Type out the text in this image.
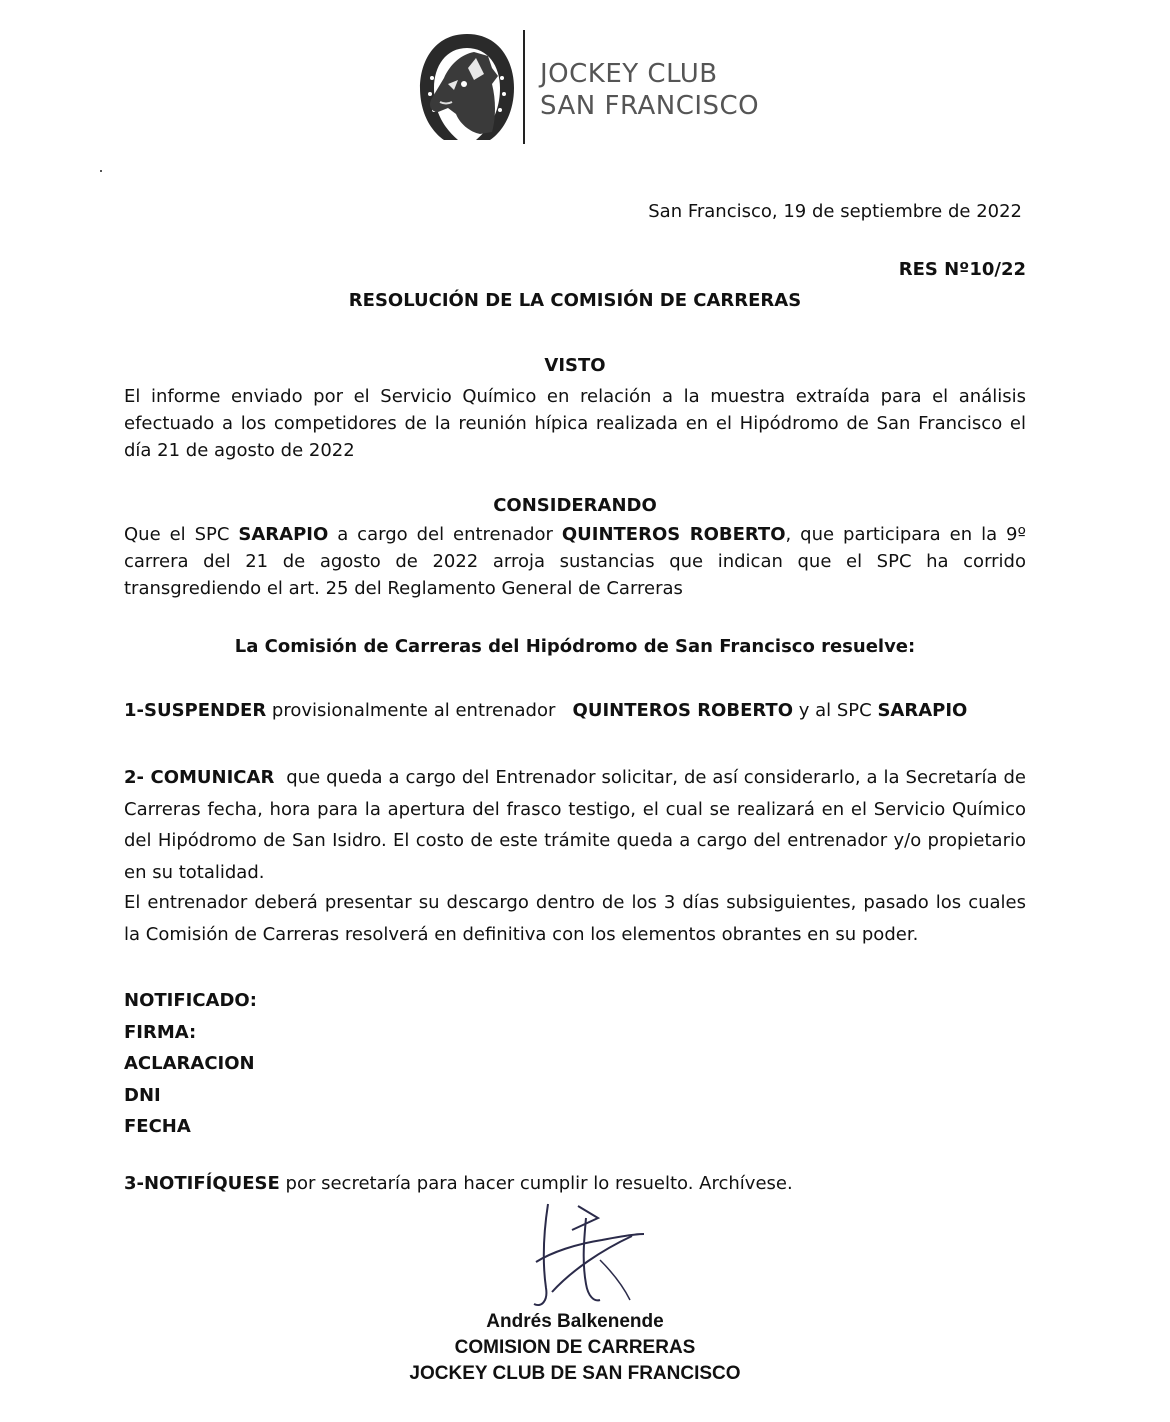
JOCKEY CLUB
SAN FRANCISCO
San Francisco, 19 de septiembre de 2022
RES Nº10/22
RESOLUCIÓN DE LA COMISIÓN DE CARRERAS
VISTO
El informe enviado por el Servicio Químico en relación a la muestra extraída para el análisis efectuado a los competidores de la reunión hípica realizada en el Hipódromo de San Francisco el día 21 de agosto de 2022
CONSIDERANDO
Que el SPC SARAPIO a cargo del entrenador QUINTEROS ROBERTO, que participara en la 9º carrera del 21 de agosto de 2022 arroja sustancias que indican que el SPC ha corrido transgrediendo el art. 25 del Reglamento General de Carreras
La Comisión de Carreras del Hipódromo de San Francisco resuelve:
1-SUSPENDER provisionalmente al entrenador   QUINTEROS ROBERTO y al SPC SARAPIO
2- COMUNICAR  que queda a cargo del Entrenador solicitar, de así considerarlo, a la Secretaría de Carreras fecha, hora para la apertura del frasco testigo, el cual se realizará en el Servicio Químico del Hipódromo de San Isidro. El costo de este trámite queda a cargo del entrenador y/o propietario en su totalidad.
El entrenador deberá presentar su descargo dentro de los 3 días subsiguientes, pasado los cuales la Comisión de Carreras resolverá en definitiva con los elementos obrantes en su poder.
NOTIFICADO:
FIRMA:
ACLARACION
DNI
FECHA
3-NOTIFÍQUESE por secretaría para hacer cumplir lo resuelto. Archívese.
Andrés Balkenende
COMISION DE CARRERAS
JOCKEY CLUB DE SAN FRANCISCO
